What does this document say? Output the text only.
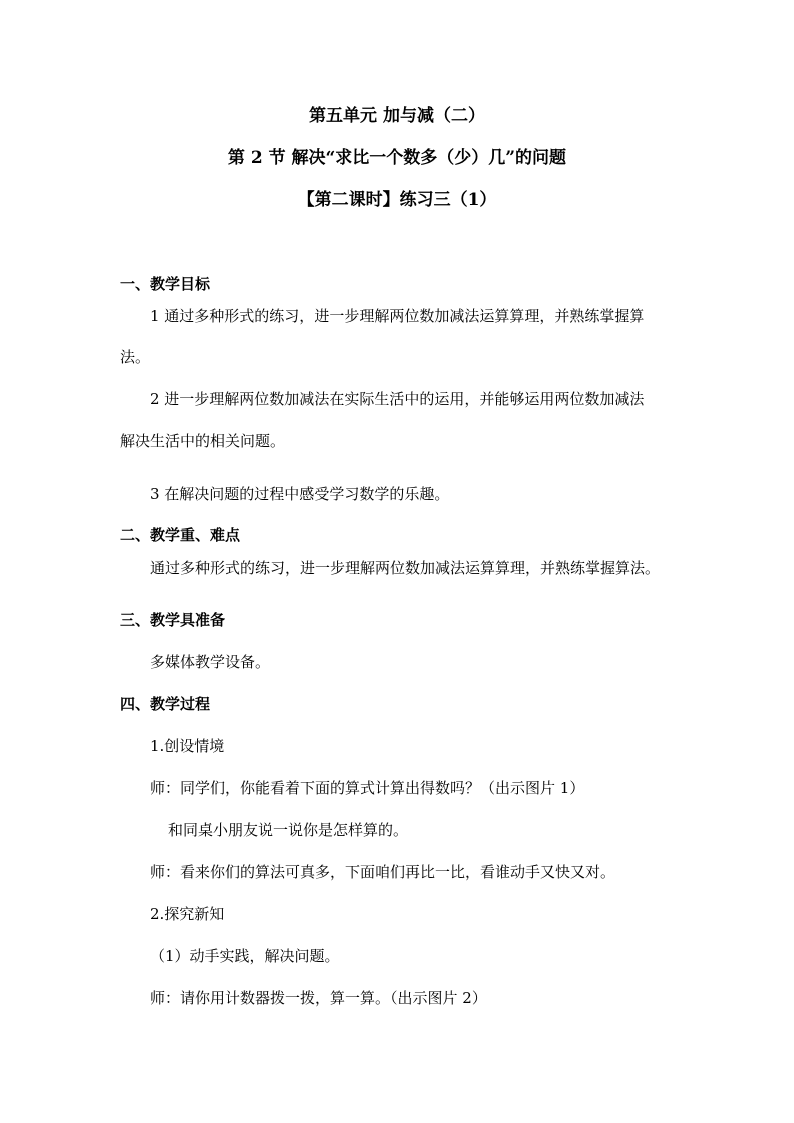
第五单元 加与减（二）
第 2 节 解决“求比一个数多（少）几”的问题
【第二课时】练习三（1）
一、教学目标
1 通过多种形式的练习，进一步理解两位数加减法运算算理，并熟练掌握算
法。
2 进一步理解两位数加减法在实际生活中的运用，并能够运用两位数加减法
解决生活中的相关问题。
3 在解决问题的过程中感受学习数学的乐趣。
二、教学重、难点
通过多种形式的练习，进一步理解两位数加减法运算算理，并熟练掌握算法。
三、教学具准备
多媒体教学设备。
四、教学过程
1.创设情境
师：同学们，你能看着下面的算式计算出得数吗？（出示图片 1）
和同桌小朋友说一说你是怎样算的。
师：看来你们的算法可真多，下面咱们再比一比，看谁动手又快又对。
2.探究新知
（1）动手实践，解决问题。
师：请你用计数器拨一拨，算一算。（出示图片 2）
